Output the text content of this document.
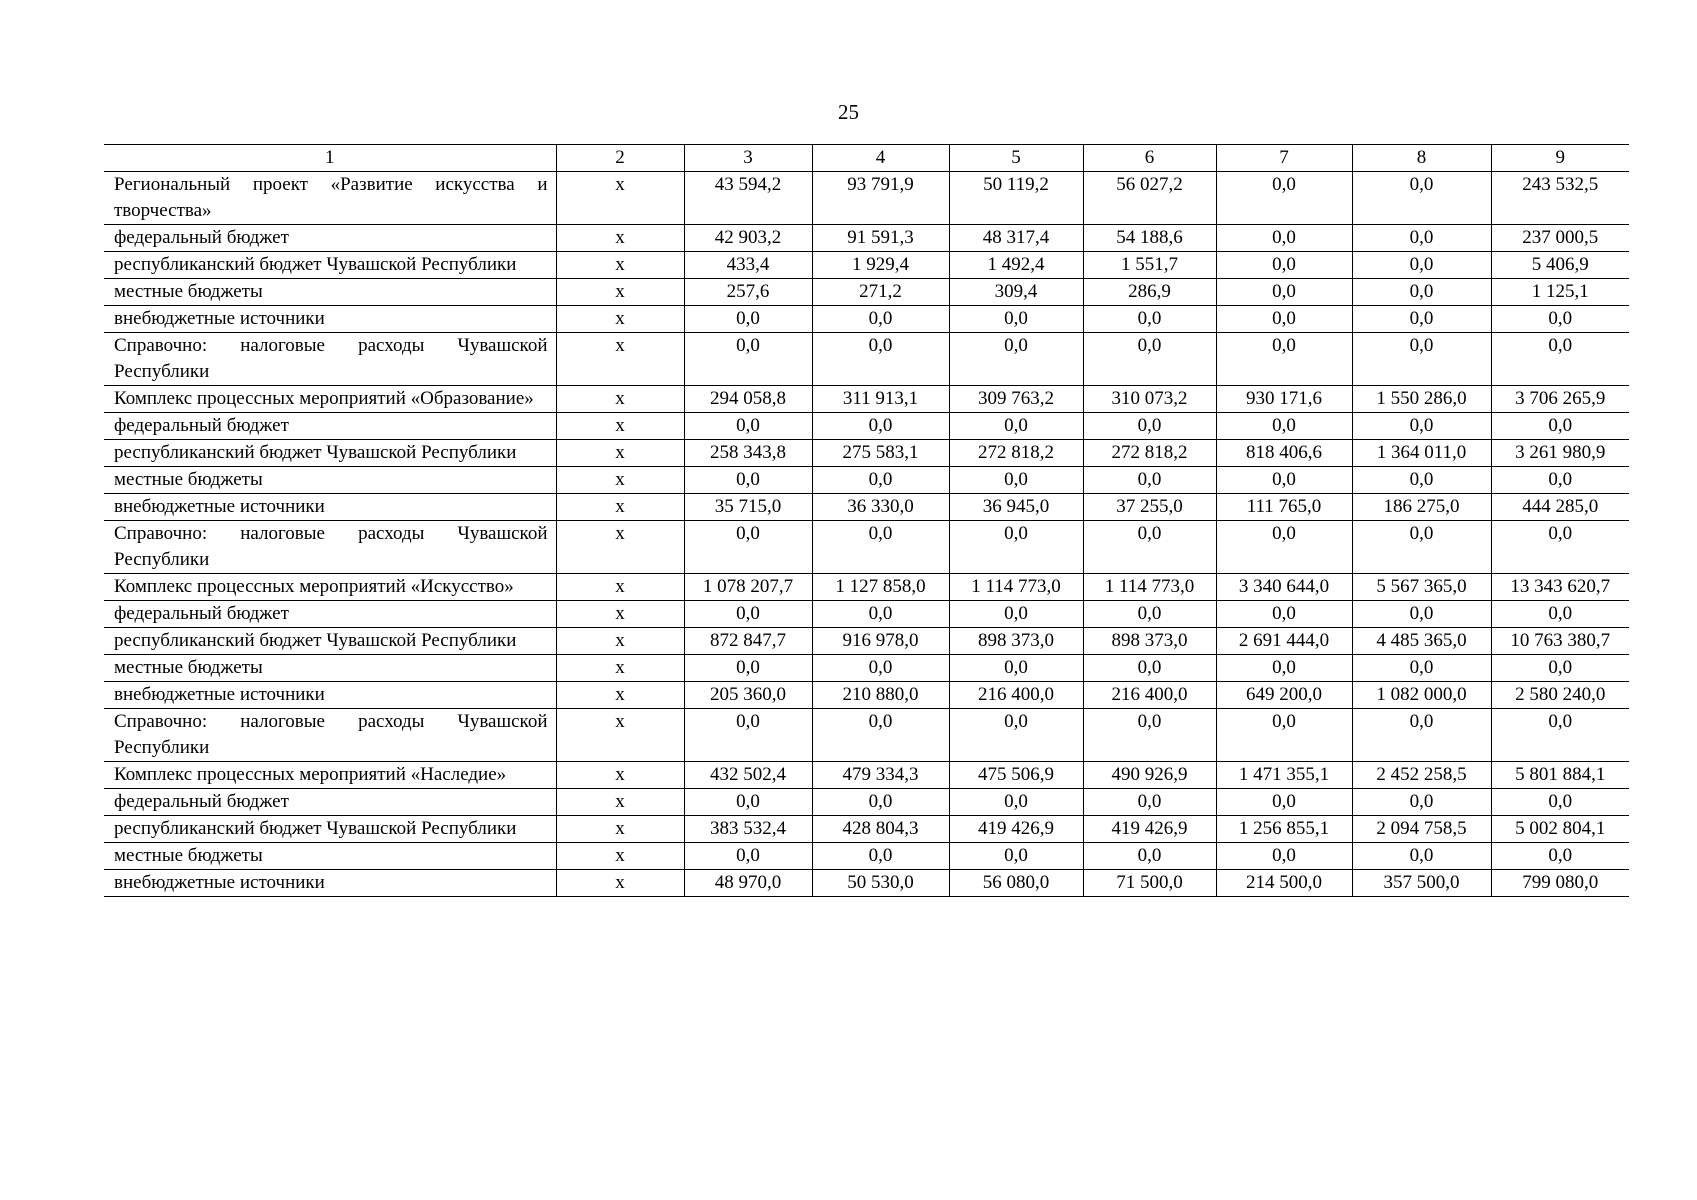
25
1	2	3	4	5	6	7	8	9
Региональный проект «Развитие искусства и творчества»	х	43 594,2	93 791,9	50 119,2	56 027,2	0,0	0,0	243 532,5
федеральный бюджет	х	42 903,2	91 591,3	48 317,4	54 188,6	0,0	0,0	237 000,5
республиканский бюджет Чувашской Республики	х	433,4	1 929,4	1 492,4	1 551,7	0,0	0,0	5 406,9
местные бюджеты	х	257,6	271,2	309,4	286,9	0,0	0,0	1 125,1
внебюджетные источники	х	0,0	0,0	0,0	0,0	0,0	0,0	0,0
Справочно: налоговые расходы Чувашской Республики	х	0,0	0,0	0,0	0,0	0,0	0,0	0,0
Комплекс процессных мероприятий «Образование»	х	294 058,8	311 913,1	309 763,2	310 073,2	930 171,6	1 550 286,0	3 706 265,9
федеральный бюджет	х	0,0	0,0	0,0	0,0	0,0	0,0	0,0
республиканский бюджет Чувашской Республики	х	258 343,8	275 583,1	272 818,2	272 818,2	818 406,6	1 364 011,0	3 261 980,9
местные бюджеты	х	0,0	0,0	0,0	0,0	0,0	0,0	0,0
внебюджетные источники	х	35 715,0	36 330,0	36 945,0	37 255,0	111 765,0	186 275,0	444 285,0
Справочно: налоговые расходы Чувашской Республики	х	0,0	0,0	0,0	0,0	0,0	0,0	0,0
Комплекс процессных мероприятий «Искусство»	х	1 078 207,7	1 127 858,0	1 114 773,0	1 114 773,0	3 340 644,0	5 567 365,0	13 343 620,7
федеральный бюджет	х	0,0	0,0	0,0	0,0	0,0	0,0	0,0
республиканский бюджет Чувашской Республики	х	872 847,7	916 978,0	898 373,0	898 373,0	2 691 444,0	4 485 365,0	10 763 380,7
местные бюджеты	х	0,0	0,0	0,0	0,0	0,0	0,0	0,0
внебюджетные источники	х	205 360,0	210 880,0	216 400,0	216 400,0	649 200,0	1 082 000,0	2 580 240,0
Справочно: налоговые расходы Чувашской Республики	х	0,0	0,0	0,0	0,0	0,0	0,0	0,0
Комплекс процессных мероприятий «Наследие»	х	432 502,4	479 334,3	475 506,9	490 926,9	1 471 355,1	2 452 258,5	5 801 884,1
федеральный бюджет	х	0,0	0,0	0,0	0,0	0,0	0,0	0,0
республиканский бюджет Чувашской Республики	х	383 532,4	428 804,3	419 426,9	419 426,9	1 256 855,1	2 094 758,5	5 002 804,1
местные бюджеты	х	0,0	0,0	0,0	0,0	0,0	0,0	0,0
внебюджетные источники	х	48 970,0	50 530,0	56 080,0	71 500,0	214 500,0	357 500,0	799 080,0
